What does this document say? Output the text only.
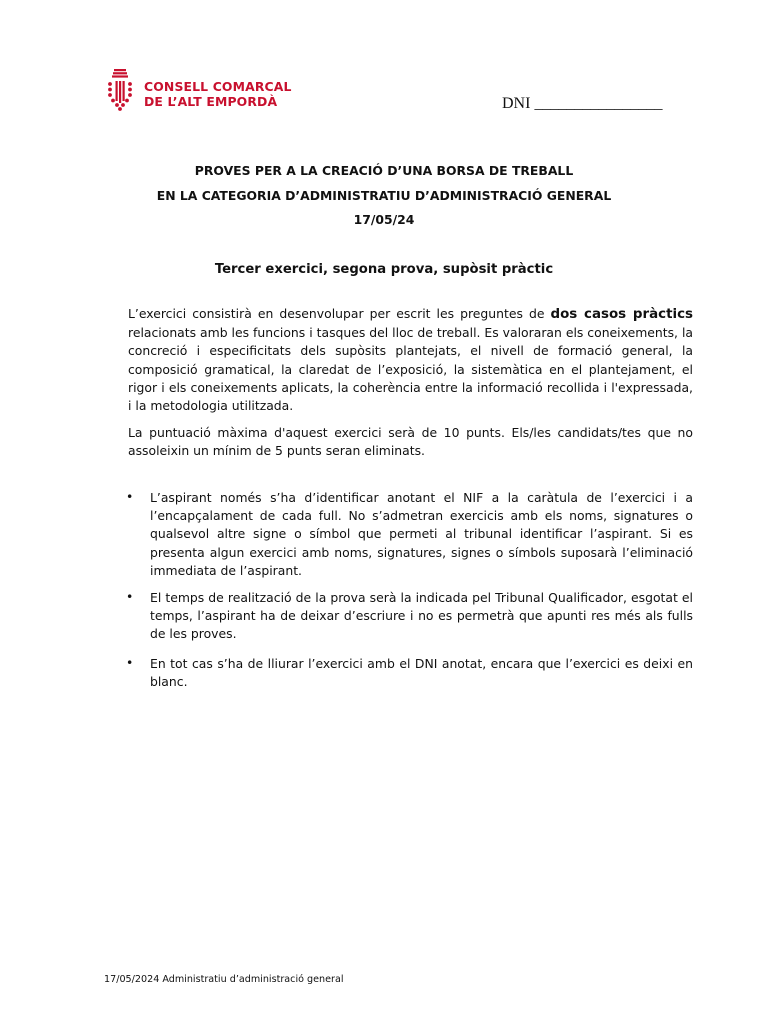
CONSELL COMARCAL
DE L’ALT EMPORDÀ	DNI ________________
PROVES PER A LA CREACIÓ D’UNA BORSA DE TREBALL
EN LA CATEGORIA D’ADMINISTRATIU D’ADMINISTRACIÓ GENERAL
17/05/24
Tercer exercici, segona prova, supòsit pràctic

L’exercici consistirà en desenvolupar per escrit les preguntes de dos casos pràctics relacionats amb les funcions i tasques del lloc de treball. Es valoraran els coneixements, la concreció i especificitats dels supòsits plantejats, el nivell de formació general, la composició gramatical, la claredat de l’exposició, la sistemàtica en el plantejament, el rigor i els coneixements aplicats, la coherència entre la informació recollida i l'expressada, i la metodologia utilitzada.

La puntuació màxima d'aquest exercici serà de 10 punts. Els/les candidats/tes que no assoleixin un mínim de 5 punts seran eliminats.

• L’aspirant només s’ha d’identificar anotant el NIF a la caràtula de l’exercici i a l’encapçalament de cada full. No s’admetran exercicis amb els noms, signatures o qualsevol altre signe o símbol que permeti al tribunal identificar l’aspirant. Si es presenta algun exercici amb noms, signatures, signes o símbols suposarà l’eliminació immediata de l’aspirant.

• El temps de realització de la prova serà la indicada pel Tribunal Qualificador, esgotat el temps, l’aspirant ha de deixar d’escriure i no es permetrà que apunti res més als fulls de les proves.

• En tot cas s’ha de lliurar l’exercici amb el DNI anotat, encara que l’exercici es deixi en blanc.

17/05/2024 Administratiu d’administració general
